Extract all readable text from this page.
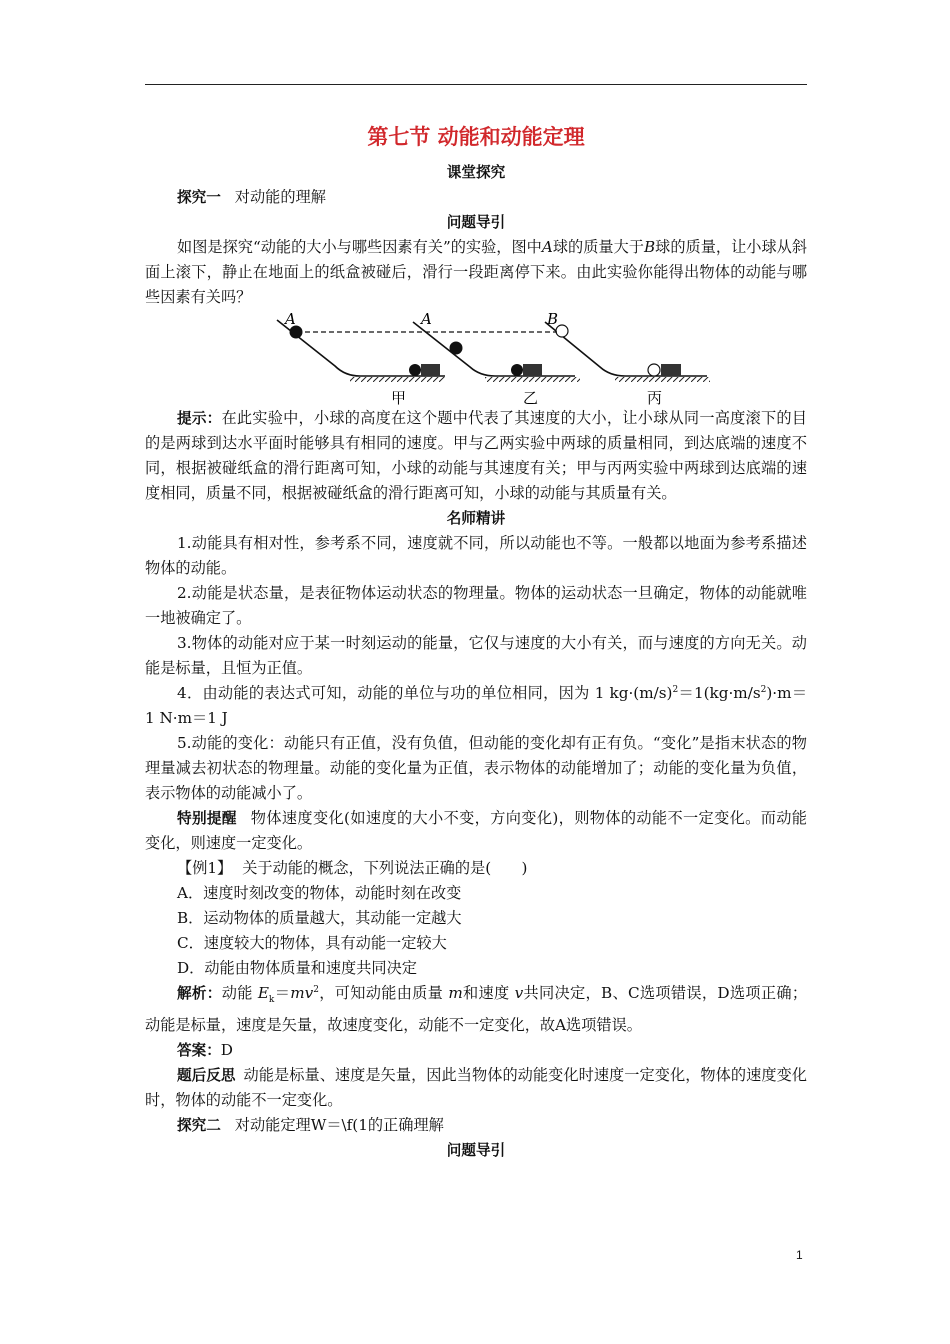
第七节 动能和动能定理
课堂探究
探究一 对动能的理解
问题导引

如图是探究“动能的大小与哪些因素有关”的实验，图中A球的质量大于B球的质量，让小球从斜面上滚下，静止在地面上的纸盒被碰后，滑行一段距离停下来。由此实验你能得出物体的动能与哪些因素有关吗？

A
甲
A
乙
B
丙

提示：在此实验中，小球的高度在这个题中代表了其速度的大小，让小球从同一高度滚下的目的是两球到达水平面时能够具有相同的速度。甲与乙两实验中两球的质量相同，到达底端的速度不同，根据被碰纸盒的滑行距离可知，小球的动能与其速度有关；甲与丙两实验中两球到达底端的速度相同，质量不同，根据被碰纸盒的滑行距离可知，小球的动能与其质量有关。

名师精讲

1.动能具有相对性，参考系不同，速度就不同，所以动能也不等。一般都以地面为参考系描述物体的动能。

2.动能是状态量，是表征物体运动状态的物理量。物体的运动状态一旦确定，物体的动能就唯一地被确定了。

3.物体的动能对应于某一时刻运动的能量，它仅与速度的大小有关，而与速度的方向无关。动能是标量，且恒为正值。

4．由动能的表达式可知，动能的单位与功的单位相同，因为 1 $kg\cdot(m/s)^2=1(kg\cdot m/s^2)\cdot m=1$ N·m＝1 J

5.动能的变化：动能只有正值，没有负值，但动能的变化却有正有负。“变化”是指末状态的物理量减去初状态的物理量。动能的变化量为正值，表示物体的动能增加了；动能的变化量为负值，表示物体的动能减小了。

特别提醒 物体速度变化(如速度的大小不变，方向变化)，则物体的动能不一定变化。而动能变化，则速度一定变化。

【例1】 关于动能的概念，下列说法正确的是(　　)
A．速度时刻改变的物体，动能时刻在改变
B．运动物体的质量越大，其动能一定越大
C．速度较大的物体，具有动能一定较大
D．动能由物体质量和速度共同决定

解析：动能 $E_k=mv^2$，可知动能由质量 m和速度 v共同决定，B、C选项错误，D选项正确；动能是标量，速度是矢量，故速度变化，动能不一定变化，故A选项错误。

答案：D

题后反思 动能是标量、速度是矢量，因此当物体的动能变化时速度一定变化，物体的速度变化时，物体的动能不一定变化。

探究二 对动能定理W＝\f(1的正确理解
问题导引
1
